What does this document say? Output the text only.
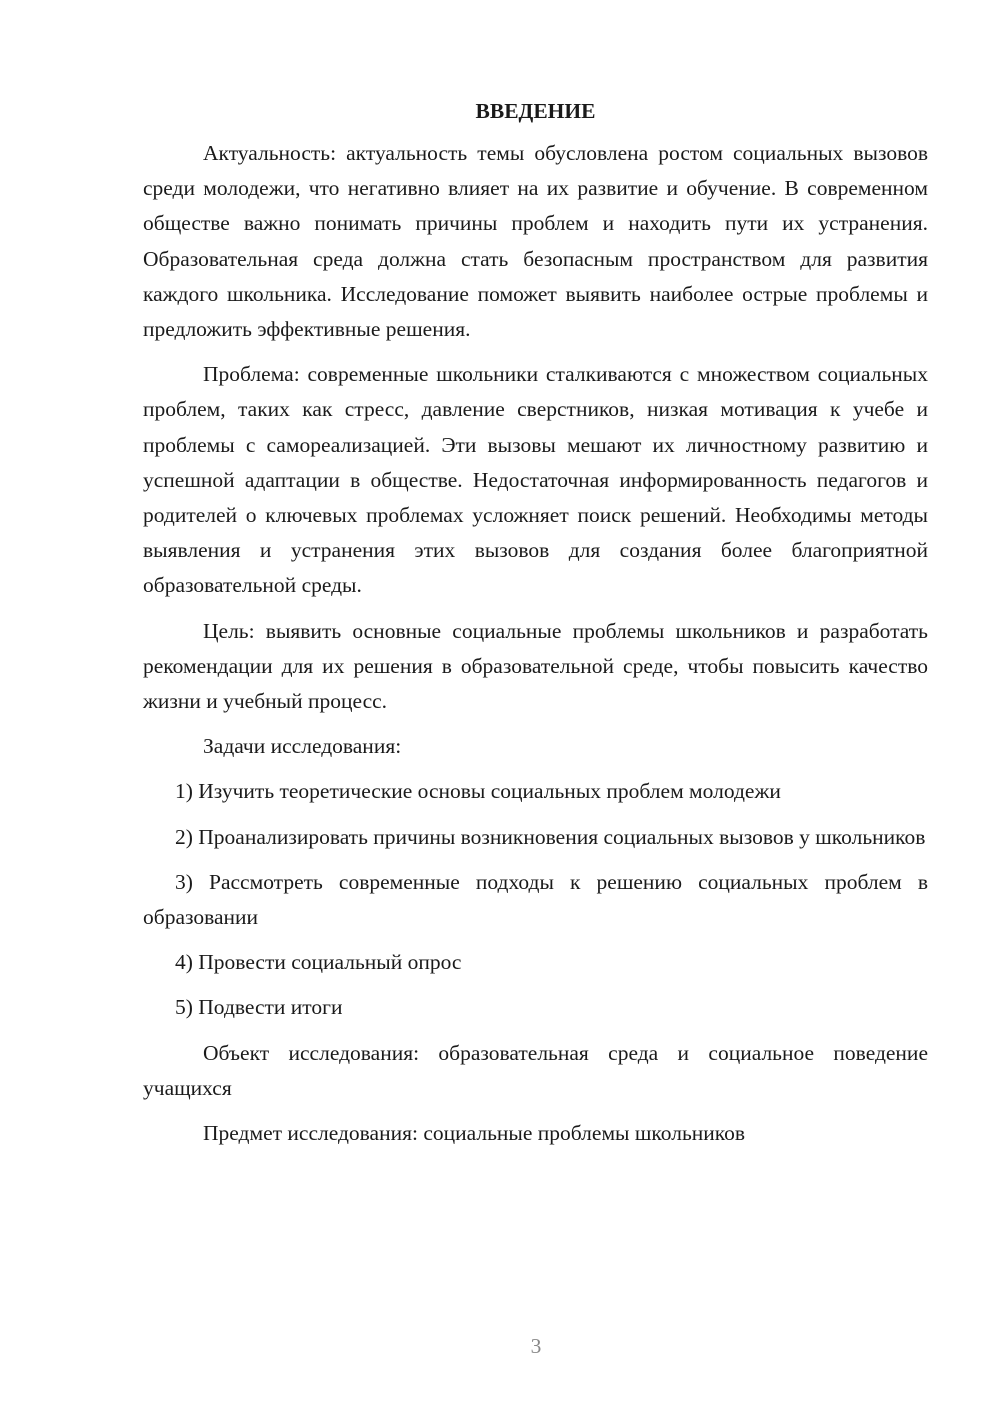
ВВЕДЕНИЕ

Актуальность: актуальность темы обусловлена ростом социальных вызовов среди молодежи, что негативно влияет на их развитие и обучение. В современном обществе важно понимать причины проблем и находить пути их устранения. Образовательная среда должна стать безопасным пространством для развития каждого школьника. Исследование поможет выявить наиболее острые проблемы и предложить эффективные решения.

Проблема: современные школьники сталкиваются с множеством социальных проблем, таких как стресс, давление сверстников, низкая мотивация к учебе и проблемы с самореализацией. Эти вызовы мешают их личностному развитию и успешной адаптации в обществе. Недостаточная информированность педагогов и родителей о ключевых проблемах усложняет поиск решений. Необходимы методы выявления и устранения этих вызовов для создания более благоприятной образовательной среды.

Цель: выявить основные социальные проблемы школьников и разработать рекомендации для их решения в образовательной среде, чтобы повысить качество жизни и учебный процесс.

Задачи исследования:

1) Изучить теоретические основы социальных проблем молодежи

2) Проанализировать причины возникновения социальных вызовов у школьников

3) Рассмотреть современные подходы к решению социальных проблем в образовании

4) Провести социальный опрос

5) Подвести итоги

Объект исследования: образовательная среда и социальное поведение учащихся

Предмет исследования: социальные проблемы школьников

3
